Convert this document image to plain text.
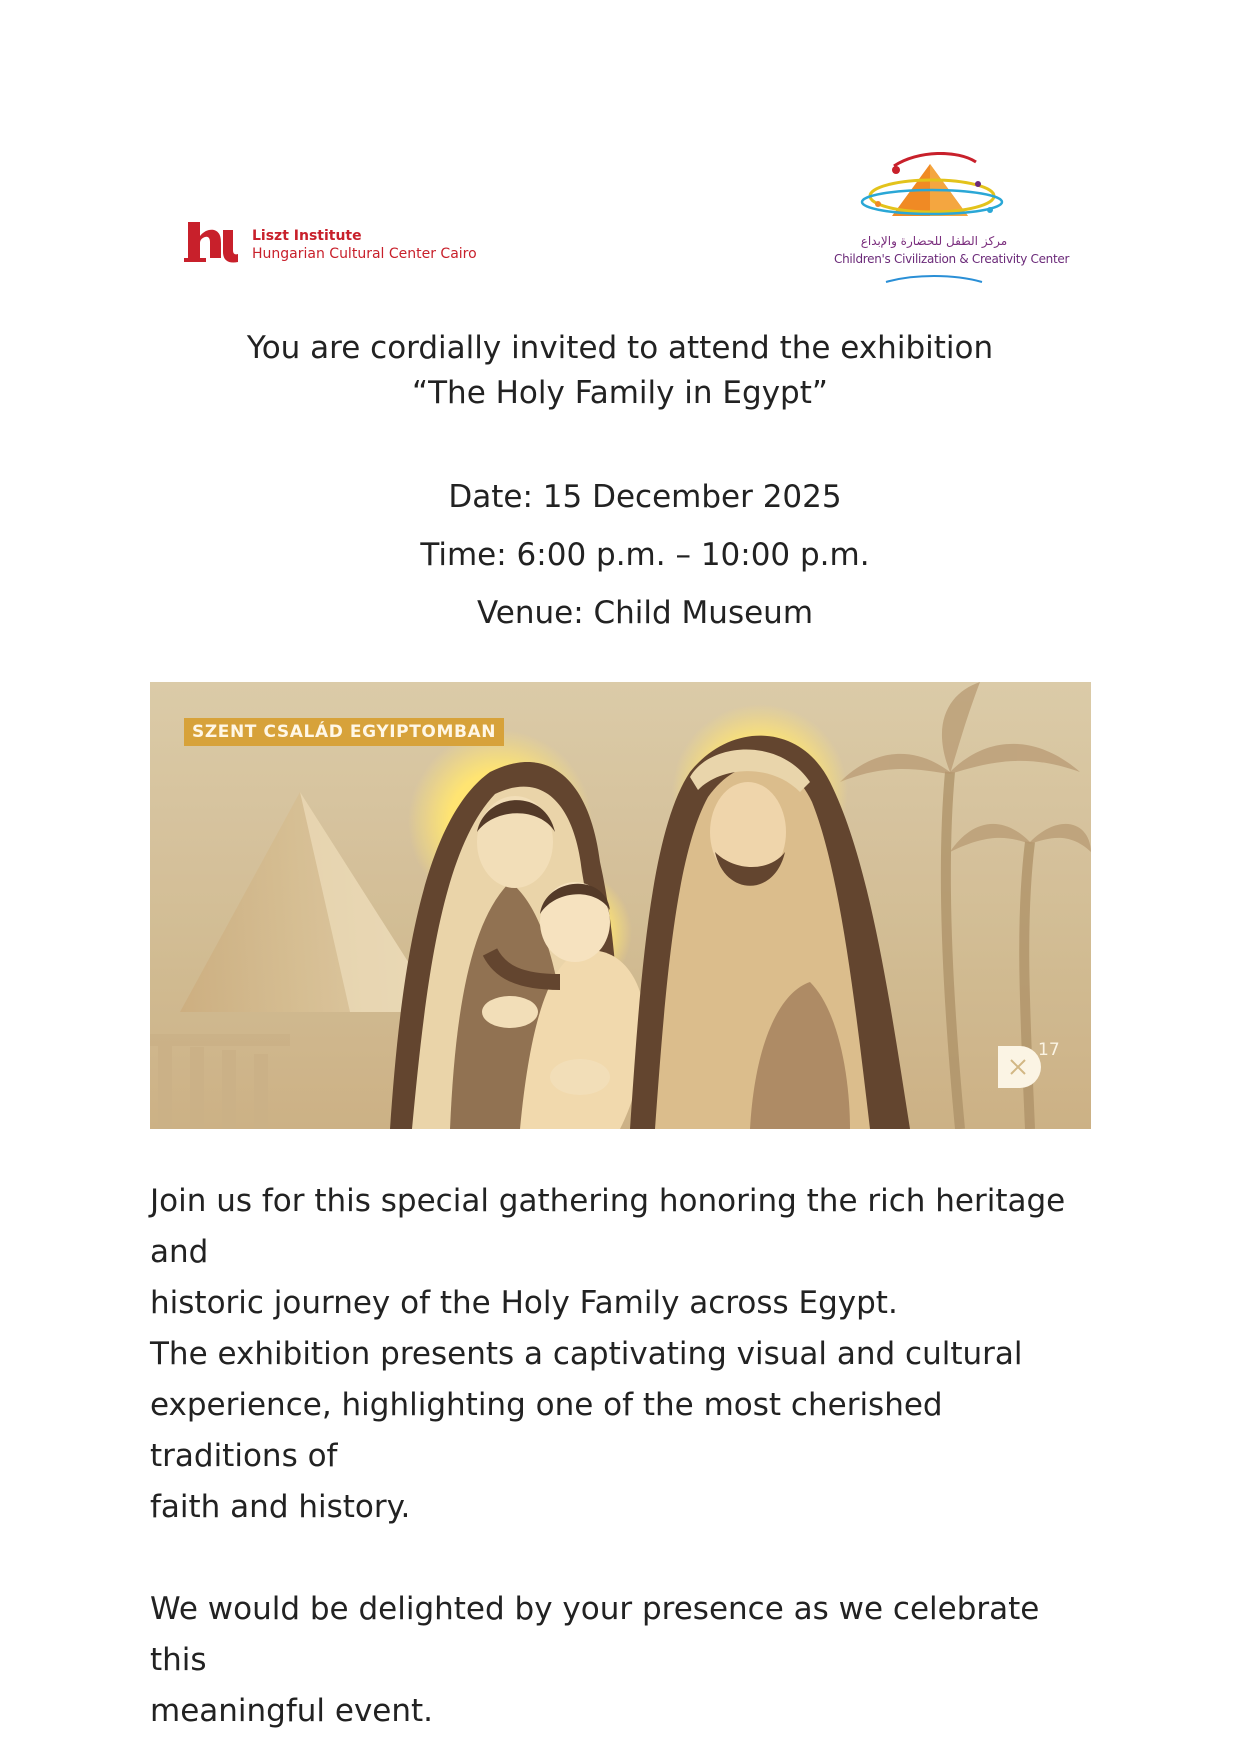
Liszt Institute
Hungarian Cultural Center Cairo
مركز الطفل للحضارة والإبداع
Children's Civilization & Creativity Center
You are cordially invited to attend the exhibition
“The Holy Family in Egypt”
Date: 15 December 2025
Time: 6:00 p.m. – 10:00 p.m.
Venue: Child Museum
SZENT CSALÁD EGYIPTOMBAN
17

Join us for this special gathering honoring the rich heritage and

historic journey of the Holy Family across Egypt.

The exhibition presents a captivating visual and cultural

experience, highlighting one of the most cherished traditions of

faith and history.

We would be delighted by your presence as we celebrate this

meaningful event.
